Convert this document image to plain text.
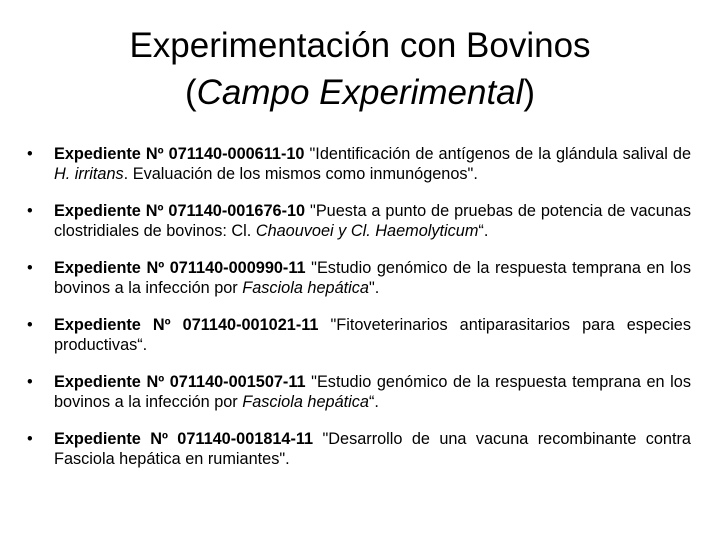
Experimentación con Bovinos
(Campo Experimental)
• Expediente Nº 071140-000611-10 "Identificación de antígenos de la glándula salival de H. irritans. Evaluación de los mismos como inmunógenos".
• Expediente Nº 071140-001676-10 "Puesta a punto de pruebas de potencia de vacunas clostridiales de bovinos: Cl. Chaouvoei y Cl. Haemolyticum“.
• Expediente Nº 071140-000990-11 "Estudio genómico de la respuesta temprana en los bovinos a la infección por Fasciola hepática".
• Expediente Nº 071140-001021-11 "Fitoveterinarios antiparasitarios para especies productivas“.
• Expediente Nº 071140-001507-11 "Estudio genómico de la respuesta temprana en los bovinos a la infección por Fasciola hepática“.
• Expediente Nº 071140-001814-11 "Desarrollo de una vacuna recombinante contra Fasciola hepática en rumiantes".
